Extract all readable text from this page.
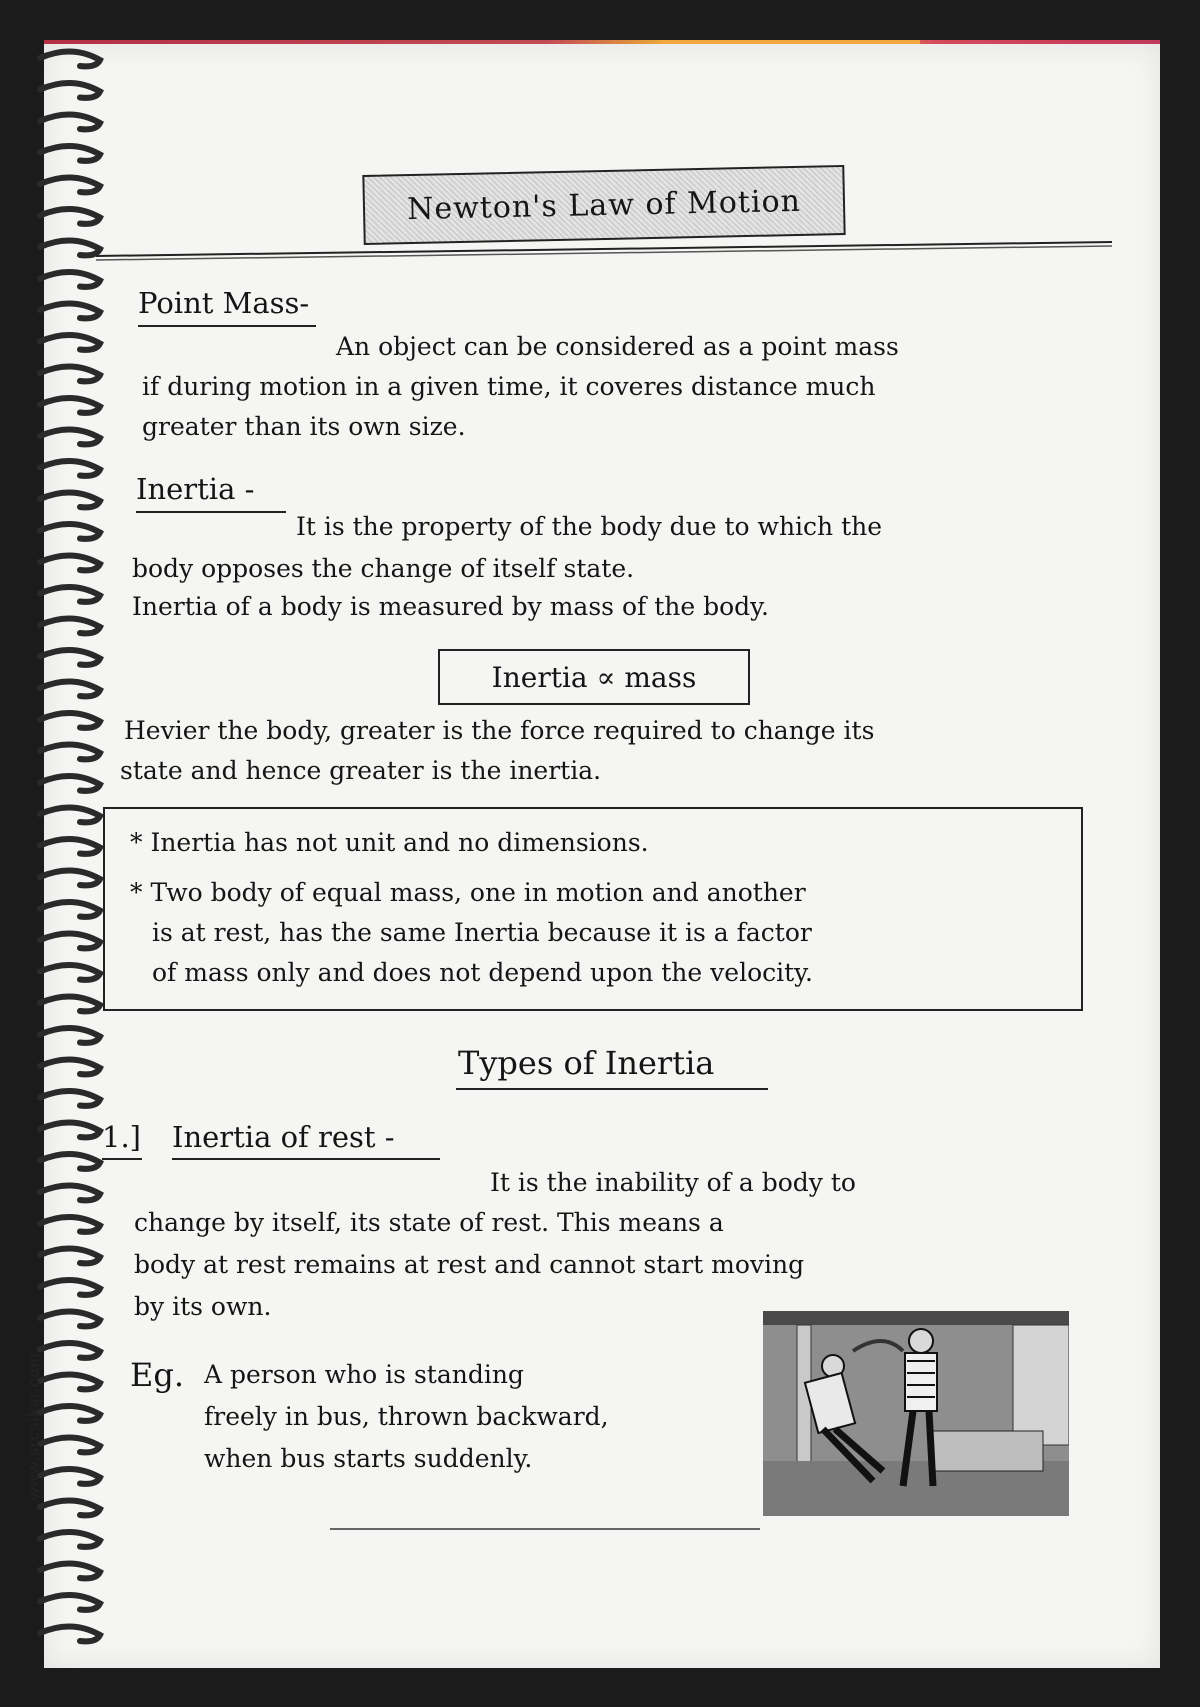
www.srcsikar.com
Newton's Law of Motion
Point Mass-
An object can be considered as a point mass
if during motion in a given time, it coveres distance much
greater than its own size.
Inertia -
It is the property of the body due to which the
body opposes the change of itself state.
Inertia of a body is measured by mass of the body.
Inertia ∝ mass
Hevier the body, greater is the force required to change its
state and hence greater is the inertia.
* Inertia has not unit and no dimensions.
* Two body of equal mass, one in motion and another
is at rest, has the same Inertia because it is a factor
of mass only and does not depend upon the velocity.
Types of Inertia
1.] Inertia of rest -
It is the inability of a body to
change by itself, its state of rest. This means a
body at rest remains at rest and cannot start moving
by its own.
Eg. A person who is standing
freely in bus, thrown backward,
when bus starts suddenly.
